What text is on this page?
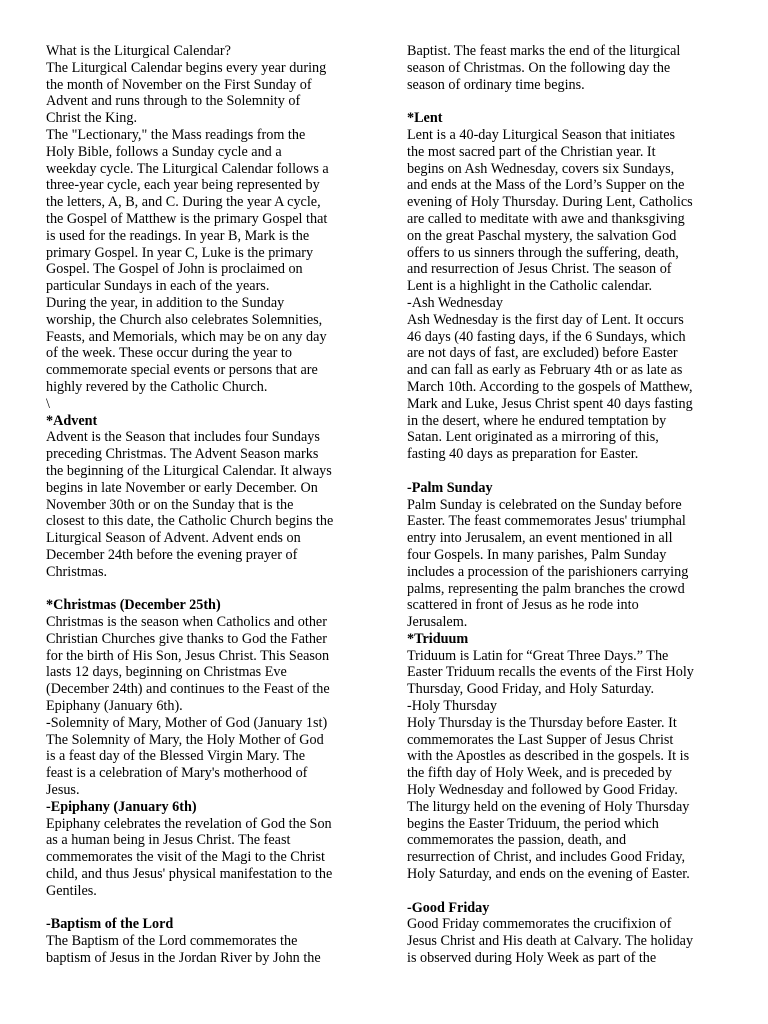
What is the Liturgical Calendar?
The Liturgical Calendar begins every year during
the month of November on the First Sunday of
Advent and runs through to the Solemnity of
Christ the King.
The "Lectionary," the Mass readings from the
Holy Bible, follows a Sunday cycle and a
weekday cycle. The Liturgical Calendar follows a
three-year cycle, each year being represented by
the letters, A, B, and C. During the year A cycle,
the Gospel of Matthew is the primary Gospel that
is used for the readings. In year B, Mark is the
primary Gospel. In year C, Luke is the primary
Gospel. The Gospel of John is proclaimed on
particular Sundays in each of the years.
During the year, in addition to the Sunday
worship, the Church also celebrates Solemnities,
Feasts, and Memorials, which may be on any day
of the week. These occur during the year to
commemorate special events or persons that are
highly revered by the Catholic Church.
\
*Advent
Advent is the Season that includes four Sundays
preceding Christmas. The Advent Season marks
the beginning of the Liturgical Calendar. It always
begins in late November or early December. On
November 30th or on the Sunday that is the
closest to this date, the Catholic Church begins the
Liturgical Season of Advent. Advent ends on
December 24th before the evening prayer of
Christmas.
*Christmas (December 25th)
Christmas is the season when Catholics and other
Christian Churches give thanks to God the Father
for the birth of His Son, Jesus Christ. This Season
lasts 12 days, beginning on Christmas Eve
(December 24th) and continues to the Feast of the
Epiphany (January 6th).
-Solemnity of Mary, Mother of God (January 1st)
The Solemnity of Mary, the Holy Mother of God
is a feast day of the Blessed Virgin Mary. The
feast is a celebration of Mary's motherhood of
Jesus.
-Epiphany (January 6th)
Epiphany celebrates the revelation of God the Son
as a human being in Jesus Christ. The feast
commemorates the visit of the Magi to the Christ
child, and thus Jesus' physical manifestation to the
Gentiles.
-Baptism of the Lord
The Baptism of the Lord commemorates the
baptism of Jesus in the Jordan River by John the
Baptist. The feast marks the end of the liturgical
season of Christmas. On the following day the
season of ordinary time begins.
*Lent
Lent is a 40-day Liturgical Season that initiates
the most sacred part of the Christian year. It
begins on Ash Wednesday, covers six Sundays,
and ends at the Mass of the Lord’s Supper on the
evening of Holy Thursday. During Lent, Catholics
are called to meditate with awe and thanksgiving
on the great Paschal mystery, the salvation God
offers to us sinners through the suffering, death,
and resurrection of Jesus Christ. The season of
Lent is a highlight in the Catholic calendar.
-Ash Wednesday
Ash Wednesday is the first day of Lent. It occurs
46 days (40 fasting days, if the 6 Sundays, which
are not days of fast, are excluded) before Easter
and can fall as early as February 4th or as late as
March 10th. According to the gospels of Matthew,
Mark and Luke, Jesus Christ spent 40 days fasting
in the desert, where he endured temptation by
Satan. Lent originated as a mirroring of this,
fasting 40 days as preparation for Easter.
-Palm Sunday
Palm Sunday is celebrated on the Sunday before
Easter. The feast commemorates Jesus' triumphal
entry into Jerusalem, an event mentioned in all
four Gospels. In many parishes, Palm Sunday
includes a procession of the parishioners carrying
palms, representing the palm branches the crowd
scattered in front of Jesus as he rode into
Jerusalem.
*Triduum
Triduum is Latin for “Great Three Days.” The
Easter Triduum recalls the events of the First Holy
Thursday, Good Friday, and Holy Saturday.
-Holy Thursday
Holy Thursday is the Thursday before Easter. It
commemorates the Last Supper of Jesus Christ
with the Apostles as described in the gospels. It is
the fifth day of Holy Week, and is preceded by
Holy Wednesday and followed by Good Friday.
The liturgy held on the evening of Holy Thursday
begins the Easter Triduum, the period which
commemorates the passion, death, and
resurrection of Christ, and includes Good Friday,
Holy Saturday, and ends on the evening of Easter.
-Good Friday
Good Friday commemorates the crucifixion of
Jesus Christ and His death at Calvary. The holiday
is observed during Holy Week as part of the
